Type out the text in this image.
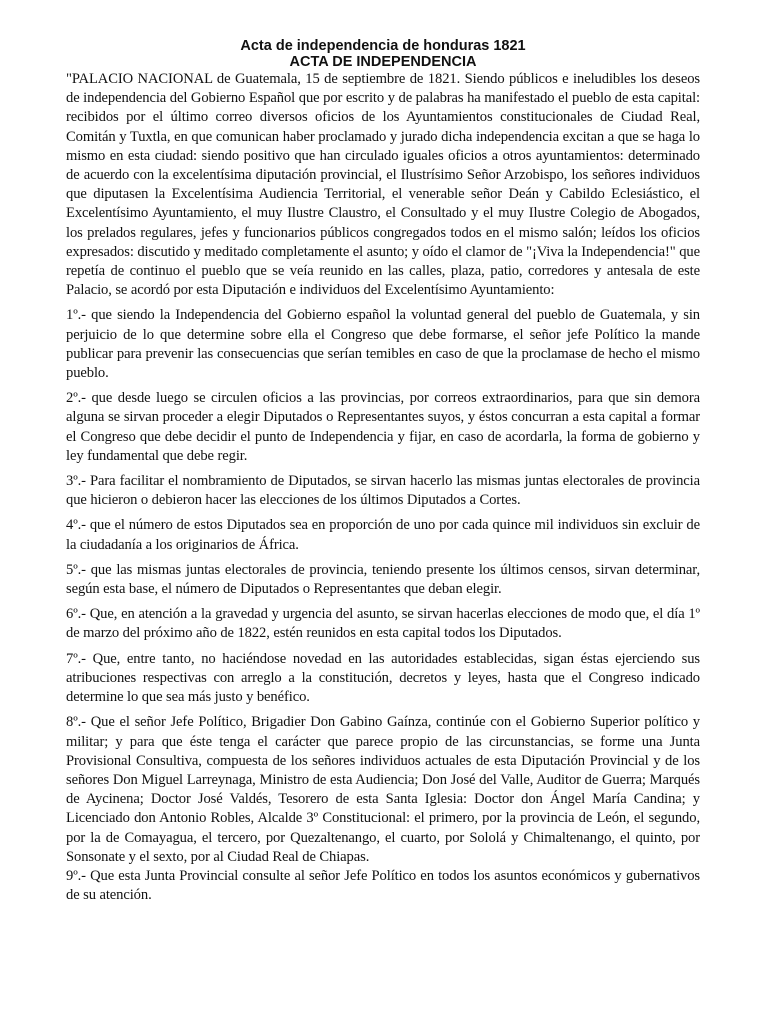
Acta de independencia de honduras 1821
ACTA DE INDEPENDENCIA

"PALACIO NACIONAL de Guatemala, 15 de septiembre de 1821. Siendo públicos e ineludibles los deseos de independencia del Gobierno Español que por escrito y de palabras ha manifestado el pueblo de esta capital: recibidos por el último correo diversos oficios de los Ayuntamientos constitucionales de Ciudad Real, Comitán y Tuxtla, en que comunican haber proclamado y jurado dicha independencia excitan a que se haga lo mismo en esta ciudad: siendo positivo que han circulado iguales oficios a otros ayuntamientos: determinado de acuerdo con la excelentísima diputación provincial, el Ilustrísimo Señor Arzobispo, los señores individuos que diputasen la Excelentísima Audiencia Territorial, el venerable señor Deán y Cabildo Eclesiástico, el Excelentísimo Ayuntamiento, el muy Ilustre Claustro, el Consultado y el muy Ilustre Colegio de Abogados, los prelados regulares, jefes y funcionarios públicos congregados todos en el mismo salón; leídos los oficios expresados: discutido y meditado completamente el asunto; y oído el clamor de "¡Viva la Independencia!" que repetía de continuo el pueblo que se veía reunido en las calles, plaza, patio, corredores y antesala de este Palacio, se acordó por esta Diputación e individuos del Excelentísimo Ayuntamiento:

1º.- que siendo la Independencia del Gobierno español la voluntad general del pueblo de Guatemala, y sin perjuicio de lo que determine sobre ella el Congreso que debe formarse, el señor jefe Político la mande publicar para prevenir las consecuencias que serían temibles en caso de que la proclamase de hecho el mismo pueblo.

2º.- que desde luego se circulen oficios a las provincias, por correos extraordinarios, para que sin demora alguna se sirvan proceder a elegir Diputados o Representantes suyos, y éstos concurran a esta capital a formar el Congreso que debe decidir el punto de Independencia y fijar, en caso de acordarla, la forma de gobierno y ley fundamental que debe regir.

3º.- Para facilitar el nombramiento de Diputados, se sirvan hacerlo las mismas juntas electorales de provincia que hicieron o debieron hacer las elecciones de los últimos Diputados a Cortes.

4º.- que el número de estos Diputados sea en proporción de uno por cada quince mil individuos sin excluir de la ciudadanía a los originarios de África.

5º.- que las mismas juntas electorales de provincia, teniendo presente los últimos censos, sirvan determinar, según esta base, el número de Diputados o Representantes que deban elegir.

6º.- Que, en atención a la gravedad y urgencia del asunto, se sirvan hacerlas elecciones de modo que, el día 1º de marzo del próximo año de 1822, estén reunidos en esta capital todos los Diputados.

7º.- Que, entre tanto, no haciéndose novedad en las autoridades establecidas, sigan éstas ejerciendo sus atribuciones respectivas con arreglo a la constitución, decretos y leyes, hasta que el Congreso indicado determine lo que sea más justo y benéfico.

8º.- Que el señor Jefe Político, Brigadier Don Gabino Gaínza, continúe con el Gobierno Superior político y militar; y para que éste tenga el carácter que parece propio de las circunstancias, se forme una Junta Provisional Consultiva, compuesta de los señores individuos actuales de esta Diputación Provincial y de los señores Don Miguel Larreynaga, Ministro de esta Audiencia; Don José del Valle, Auditor de Guerra; Marqués de Aycinena; Doctor José Valdés, Tesorero de esta Santa Iglesia: Doctor don Ángel María Candina; y Licenciado don Antonio Robles, Alcalde 3º Constitucional: el primero, por la provincia de León, el segundo, por la de Comayagua, el tercero, por Quezaltenango, el cuarto, por Sololá y Chimaltenango, el quinto, por Sonsonate y el sexto, por al Ciudad Real de Chiapas.

9º.- Que esta Junta Provincial consulte al señor Jefe Político en todos los asuntos económicos y gubernativos de su atención.
